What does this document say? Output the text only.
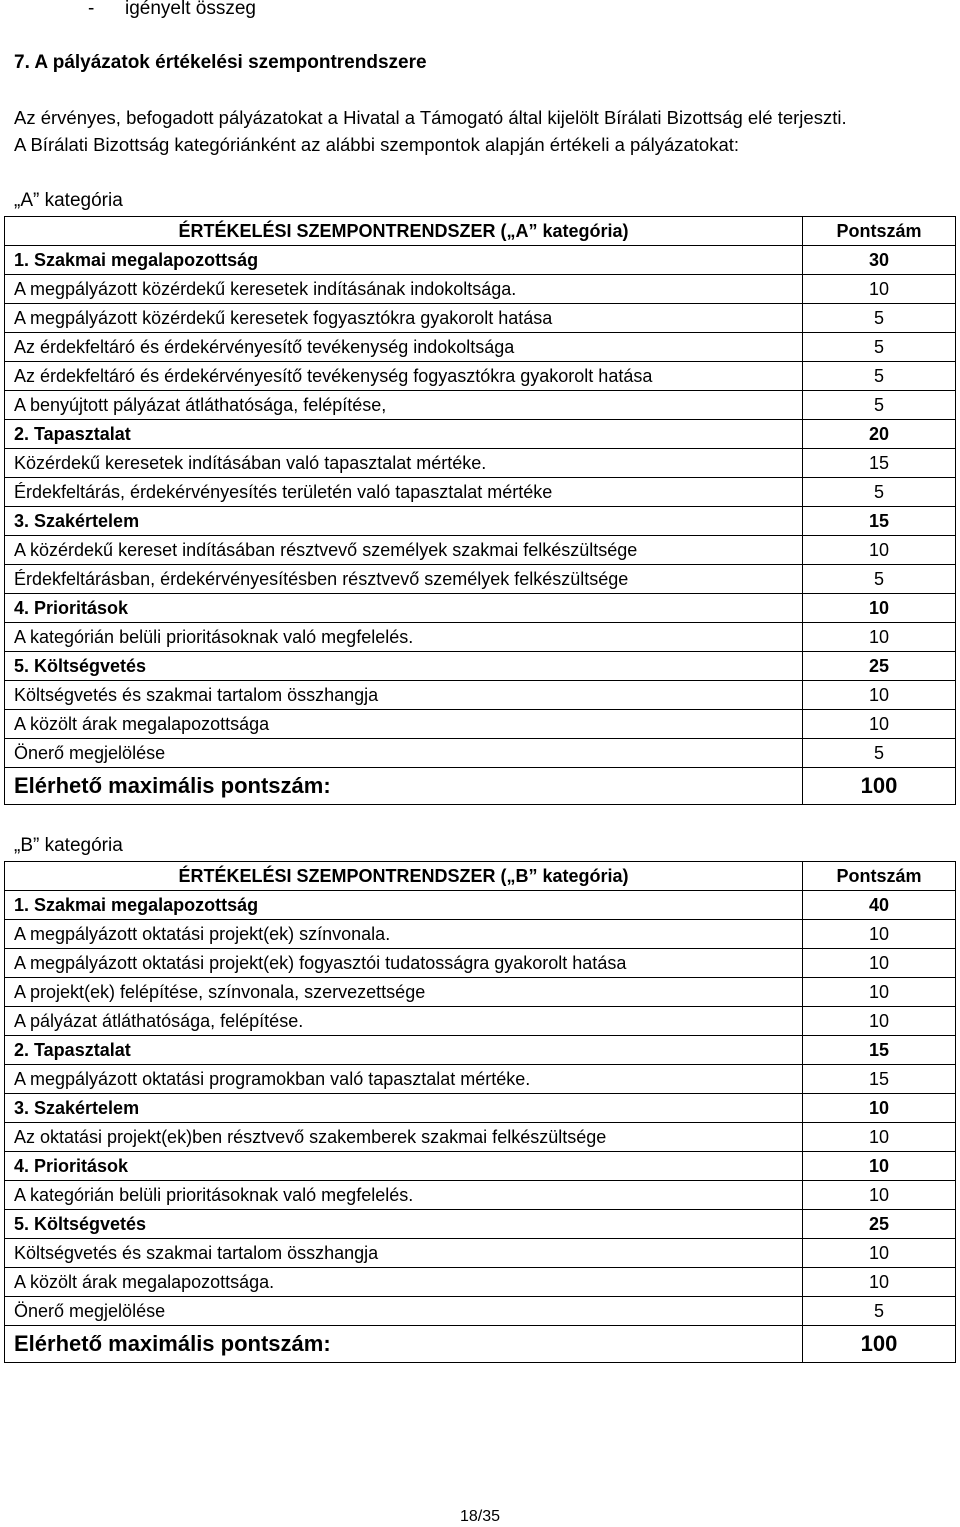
- igényelt összeg
7. A pályázatok értékelési szempontrendszere
Az érvényes, befogadott pályázatokat a Hivatal a Támogató által kijelölt Bírálati Bizottság elé terjeszti.
A Bírálati Bizottság kategóriánként az alábbi szempontok alapján értékeli a pályázatokat:
„A” kategória
ÉRTÉKELÉSI SZEMPONTRENDSZER („A” kategória)	Pontszám
1. Szakmai megalapozottság	30
A megpályázott közérdekű keresetek indításának indokoltsága.	10
A megpályázott közérdekű keresetek fogyasztókra gyakorolt hatása	5
Az érdekfeltáró és érdekérvényesítő tevékenység indokoltsága	5
Az érdekfeltáró és érdekérvényesítő tevékenység fogyasztókra gyakorolt hatása	5
A benyújtott pályázat átláthatósága, felépítése,	5
2. Tapasztalat	20
Közérdekű keresetek indításában való tapasztalat mértéke.	15
Érdekfeltárás, érdekérvényesítés területén való tapasztalat mértéke	5
3. Szakértelem	15
A közérdekű kereset indításában résztvevő személyek szakmai felkészültsége	10
Érdekfeltárásban, érdekérvényesítésben résztvevő személyek felkészültsége	5
4. Prioritások	10
A kategórián belüli prioritásoknak való megfelelés.	10
5. Költségvetés	25
Költségvetés és szakmai tartalom összhangja	10
A közölt árak megalapozottsága	10
Önerő megjelölése	5
Elérhető maximális pontszám:	100
„B” kategória
ÉRTÉKELÉSI SZEMPONTRENDSZER („B” kategória)	Pontszám
1. Szakmai megalapozottság	40
A megpályázott oktatási projekt(ek) színvonala.	10
A megpályázott oktatási projekt(ek) fogyasztói tudatosságra gyakorolt hatása	10
A projekt(ek) felépítése, színvonala, szervezettsége	10
A pályázat átláthatósága, felépítése.	10
2. Tapasztalat	15
A megpályázott oktatási programokban való tapasztalat mértéke.	15
3. Szakértelem	10
Az oktatási projekt(ek)ben résztvevő szakemberek szakmai felkészültsége	10
4. Prioritások	10
A kategórián belüli prioritásoknak való megfelelés.	10
5. Költségvetés	25
Költségvetés és szakmai tartalom összhangja	10
A közölt árak megalapozottsága.	10
Önerő megjelölése	5
Elérhető maximális pontszám:	100
18/35
